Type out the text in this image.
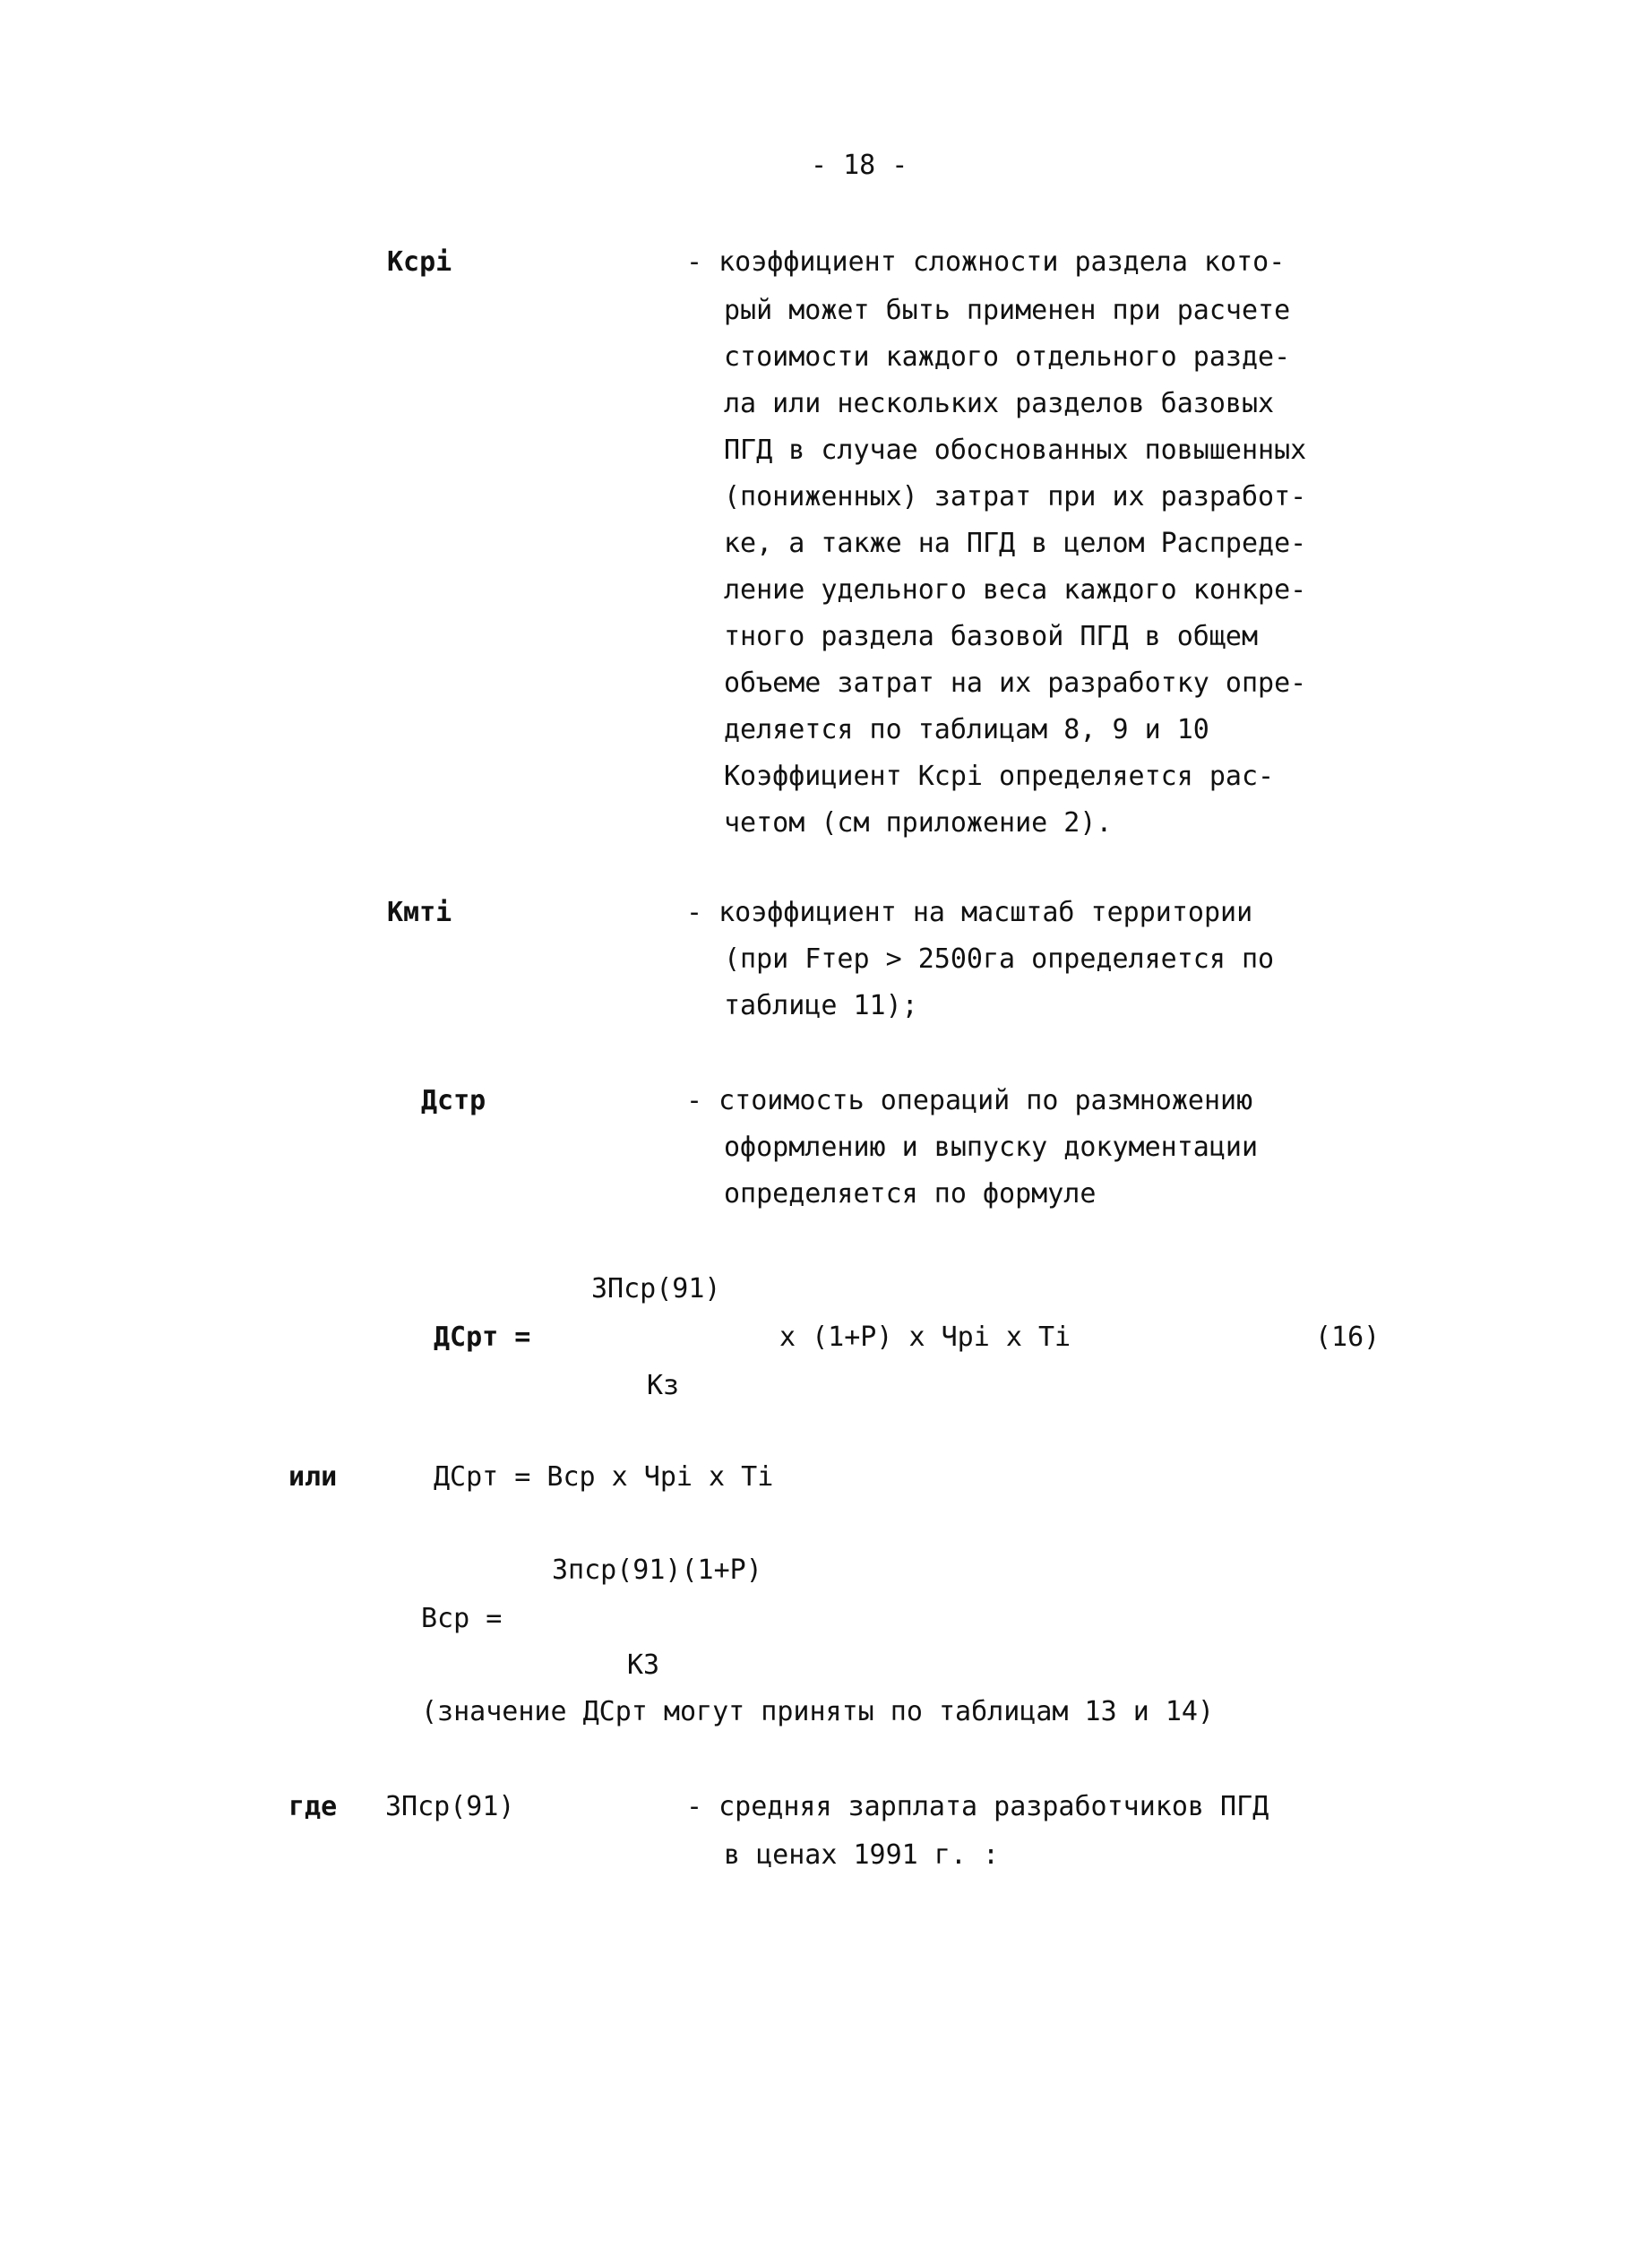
- 18 -
Kcpi	- коэффициент сложности раздела кото-
рый может быть применен при расчете
стоимости каждого отдельного разде-
ла или нескольких разделов базовых
ПГД в случае обоснованных повышенных
(пониженных) затрат при их разработ-
ке, а также на ПГД в целом Распреде-
ление удельного веса каждого конкре-
тного раздела базовой ПГД в общем
объеме затрат на их разработку опре-
деляется по таблицам 8, 9 и 10
Коэффициент Kcpi определяется рас-
четом (см приложение 2).
Kмтi	- коэффициент на масштаб территории
(при Fтер > 2500га определяется по
таблице 11);
Дстр	- стоимость операций по размножению
оформлению и выпуску документации
определяется по формуле
ЗПср(91)
ДСрт =	х (1+Р) х Чрi х Тi	(16)
Кз
или	ДСрт = Вср х Чрi х Тi
Зпср(91)(1+Р)
Вср =
К3
(значение ДСрт могут приняты по таблицам 13 и 14)
где ЗПср(91)	- средняя зарплата разработчиков ПГД
в ценах 1991 г. :
